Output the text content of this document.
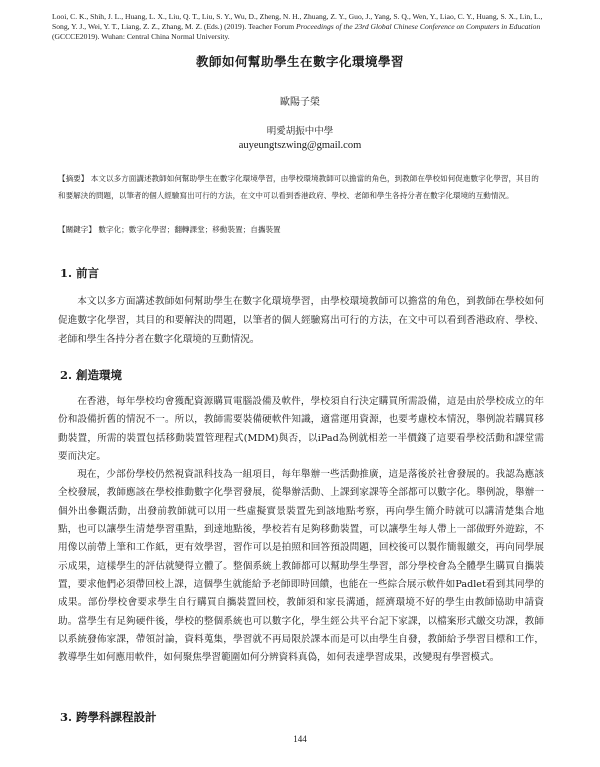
Looi, C. K., Shih, J. L., Huang, L. X., Liu, Q. T., Liu, S. Y., Wu, D., Zheng, N. H., Zhuang, Z. Y., Guo, J., Yang, S. Q., Wen, Y., Liao, C. Y., Huang, S. X., Lin, L., Song, Y. J., Wei, Y. T., Liang, Z. Z., Zhang, M. Z. (Eds.) (2019). Teacher Forum Proceedings of the 23rd Global Chinese Conference on Computers in Education (GCCCE2019). Wuhan: Central China Normal University.
教師如何幫助學生在數字化環境學習
歐陽子榮
明愛胡振中中學
auyeungtszwing@gmail.com

【摘要】 本文以多方面講述教師如何幫助學生在數字化環境學習，由學校環境教師可以擔當的角色，到教師在學校如何促進數字化學習，其目的和要解決的問題，以筆者的個人經驗寫出可行的方法，在文中可以看到香港政府、學校、老師和學生各持分者在數字化環境的互動情況。

【關鍵字】 數字化；數字化學習；翻轉課堂；移動裝置；自攜裝置
1. 前言

本文以多方面講述教師如何幫助學生在數字化環境學習，由學校環境教師可以擔當的角色，到教師在學校如何促進數字化學習，其目的和要解決的問題，以筆者的個人經驗寫出可行的方法，在文中可以看到香港政府、學校、老師和學生各持分者在數字化環境的互動情況。

2. 創造環境

在香港，每年學校均會獲配資源購買電腦設備及軟件，學校須自行決定購買所需設備，這是由於學校成立的年份和設備折舊的情況不一。所以，教師需要裝備硬軟件知識，適當運用資源，也要考慮校本情況，舉例說若購買移動裝置，所需的裝置包括移動裝置管理程式(MDM)與否，以iPad為例就相差一半價錢了這要看學校活動和課堂需要而決定。

現在，少部份學校仍然視資訊科技為一組項目，每年舉辦一些活動推廣，這是落後於社會發展的。我認為應該全校發展，教師應該在學校推動數字化學習發展，從舉辦活動、上課到家課等全部都可以數字化。舉例說，舉辦一個外出參觀活動，出發前教師就可以用一些虛擬實景裝置先到該地點考察，再向學生簡介時就可以講清楚集合地點，也可以讓學生清楚學習重點，到達地點後，學校若有足夠移動裝置，可以讓學生每人帶上一部做野外遊踪，不用像以前帶上筆和工作紙，更有效學習，習作可以是拍照和回答預設問題，回校後可以製作簡報繳交，再向同學展示成果，這樣學生的評估就變得立體了。整個系統上教師都可以幫助學生學習，部分學校會為全體學生購買自攜裝置，要求他們必須帶回校上課，這個學生就能給予老師即時回饋，也能在一些綜合展示軟件如Padlet看到其同學的成果。部份學校會要求學生自行購買自攜裝置回校，教師須和家長溝通，經濟環境不好的學生由教師協助申請資助。當學生有足夠硬件後，學校的整個系統也可以數字化，學生經公共平台記下家課，以檔案形式繳交功課，教師以系統發佈家課，帶領討論，資料蒐集，學習就不再局限於課本而是可以由學生自發，教師給予學習目標和工作，教導學生如何應用軟件，如何聚焦學習範圍如何分辨資料真偽，如何表達學習成果，改變現有學習模式。

3. 跨學科課程設計
144
